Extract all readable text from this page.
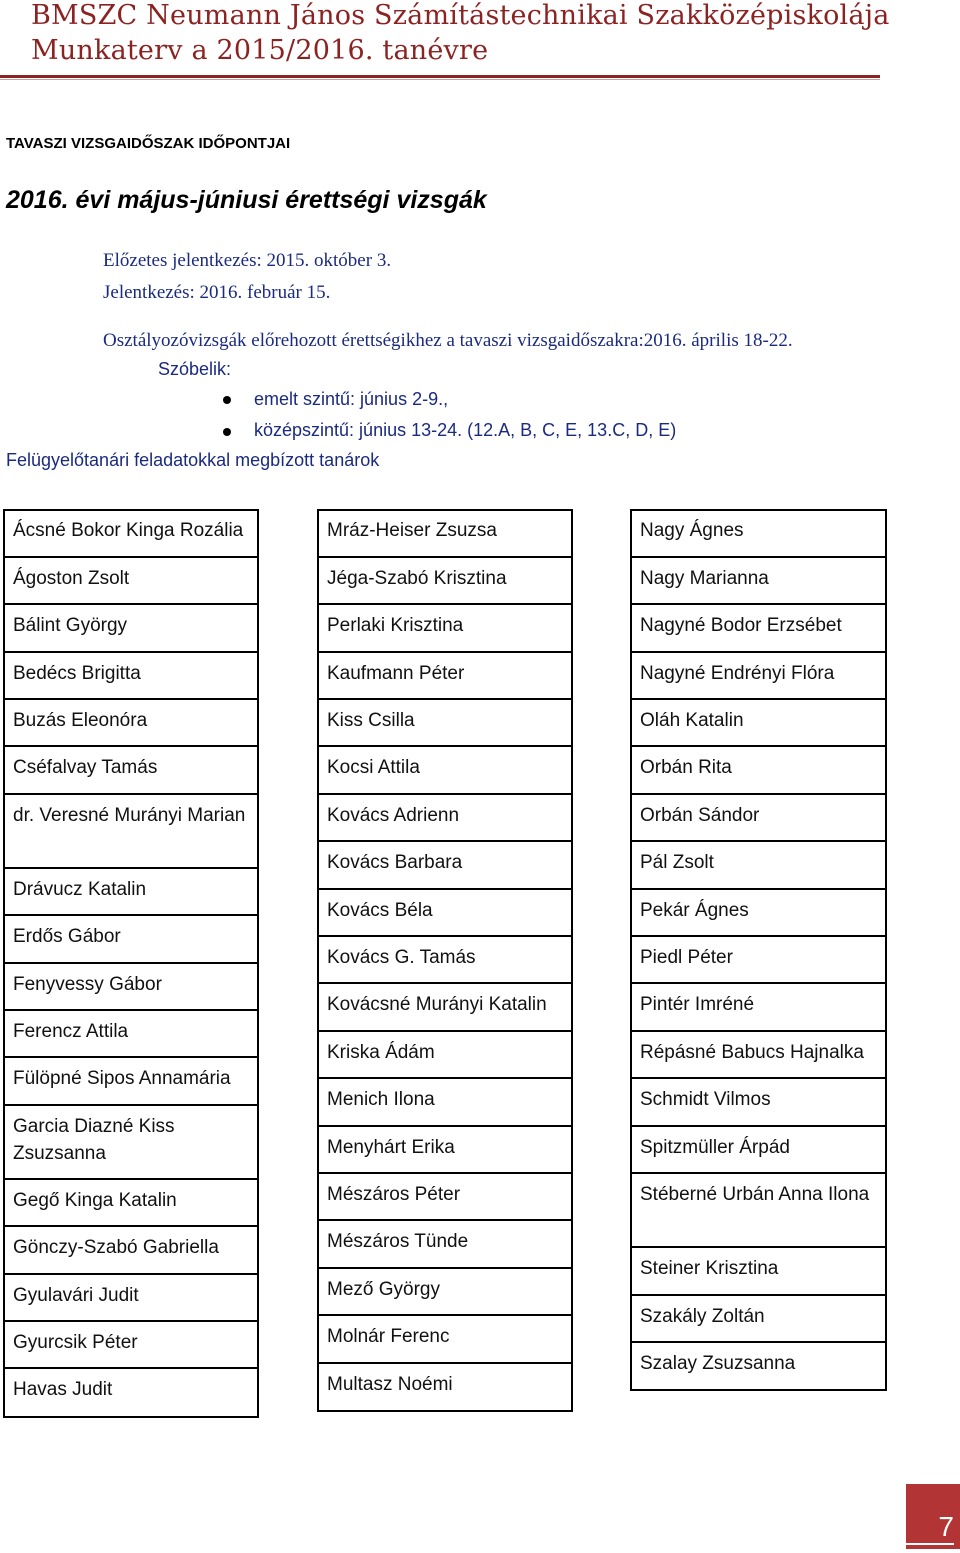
BMSZC Neumann János Számítástechnikai Szakközépiskolája
Munkaterv a 2015/2016. tanévre
TAVASZI VIZSGAIDŐSZAK IDŐPONTJAI
2016. évi május-júniusi érettségi vizsgák
Előzetes jelentkezés: 2015. október 3.
Jelentkezés: 2016. február 15.
Osztályozóvizsgák előrehozott érettségikhez a tavaszi vizsgaidőszakra:2016. április 18-22.
Szóbelik:
emelt szintű: június 2-9.,
középszintű: június 13-24. (12.A, B, C, E, 13.C, D, E)
Felügyelőtanári feladatokkal megbízott tanárok
Ácsné Bokor Kinga Rozália
Ágoston Zsolt
Bálint György
Bedécs Brigitta
Buzás Eleonóra
Cséfalvay Tamás
dr. Veresné Murányi Marian
Drávucz Katalin
Erdős Gábor
Fenyvessy Gábor
Ferencz Attila
Fülöpné Sipos Annamária
Garcia Diazné Kiss Zsuzsanna
Gegő Kinga Katalin
Gönczy-Szabó Gabriella
Gyulavári Judit
Gyurcsik Péter
Havas Judit
Mráz-Heiser Zsuzsa
Jéga-Szabó Krisztina
Perlaki Krisztina
Kaufmann Péter
Kiss Csilla
Kocsi Attila
Kovács Adrienn
Kovács Barbara
Kovács Béla
Kovács G. Tamás
Kovácsné Murányi Katalin
Kriska Ádám
Menich Ilona
Menyhárt Erika
Mészáros Péter
Mészáros Tünde
Mező György
Molnár Ferenc
Multasz Noémi
Nagy Ágnes
Nagy Marianna
Nagyné Bodor Erzsébet
Nagyné Endrényi Flóra
Oláh Katalin
Orbán Rita
Orbán Sándor
Pál Zsolt
Pekár Ágnes
Piedl Péter
Pintér Imréné
Répásné Babucs Hajnalka
Schmidt Vilmos
Spitzmüller Árpád
Stéberné Urbán Anna Ilona
Steiner Krisztina
Szakály Zoltán
Szalay Zsuzsanna
7
